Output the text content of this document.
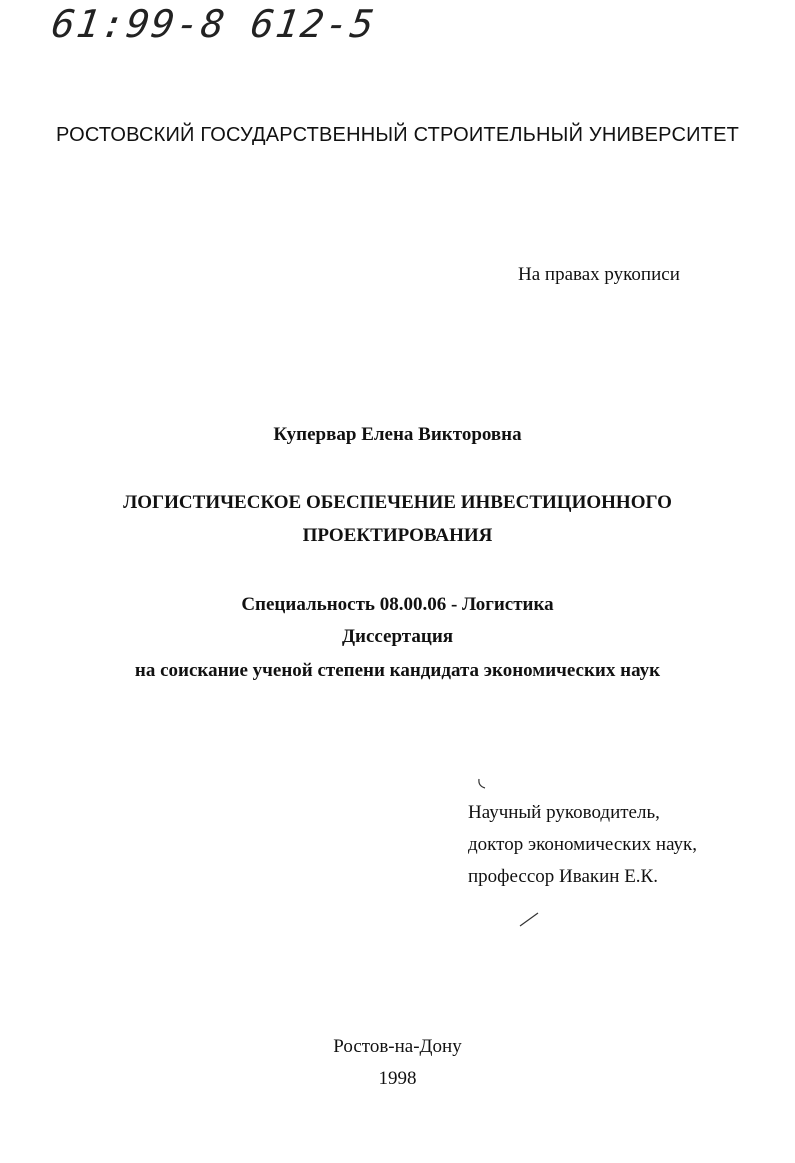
61:99-8 612-5
РОСТОВСКИЙ ГОСУДАРСТВЕННЫЙ СТРОИТЕЛЬНЫЙ УНИВЕРСИТЕТ
На правах рукописи
Купервар Елена Викторовна
ЛОГИСТИЧЕСКОЕ ОБЕСПЕЧЕНИЕ ИНВЕСТИЦИОННОГО
ПРОЕКТИРОВАНИЯ
Специальность 08.00.06 - Логистика
Диссертация
на соискание ученой степени кандидата экономических наук
Научный руководитель,
доктор экономических наук,
профессор Ивакин Е.К.
Ростов-на-Дону
1998
